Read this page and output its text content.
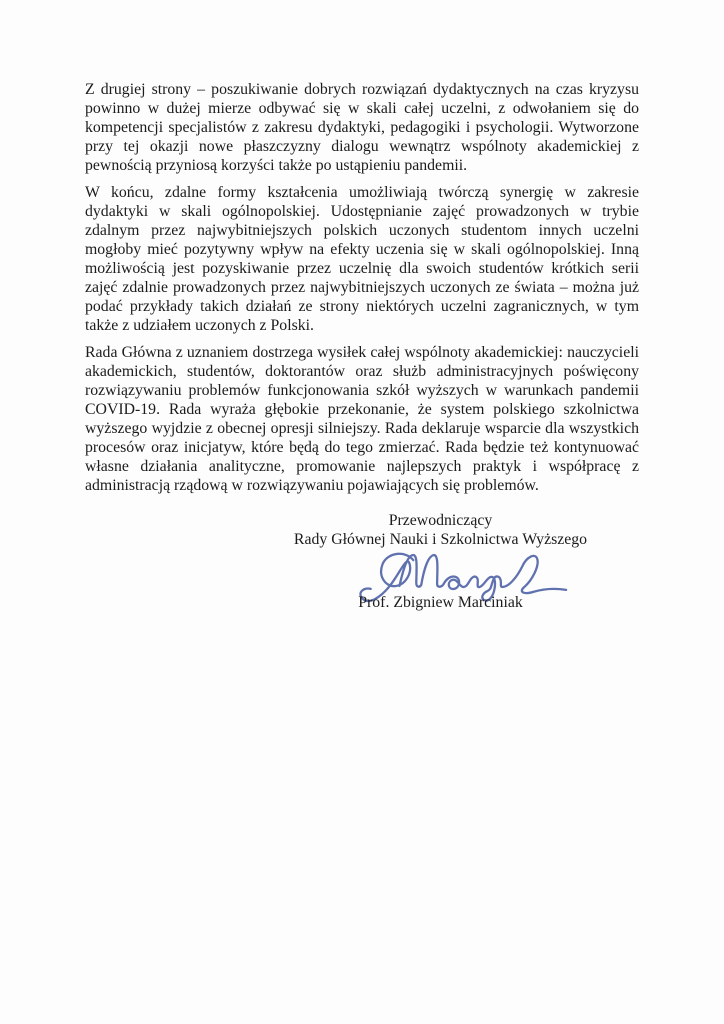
Z drugiej strony – poszukiwanie dobrych rozwiązań dydaktycznych na czas kryzysu powinno w dużej mierze odbywać się w skali całej uczelni, z odwołaniem się do kompetencji specjalistów z zakresu dydaktyki, pedagogiki i psychologii. Wytworzone przy tej okazji nowe płaszczyzny dialogu wewnątrz wspólnoty akademickiej z pewnością przyniosą korzyści także po ustąpieniu pandemii.

W końcu, zdalne formy kształcenia umożliwiają twórczą synergię w zakresie dydaktyki w skali ogólnopolskiej. Udostępnianie zajęć prowadzonych w trybie zdalnym przez najwybitniejszych polskich uczonych studentom innych uczelni mogłoby mieć pozytywny wpływ na efekty uczenia się w skali ogólnopolskiej. Inną możliwością jest pozyskiwanie przez uczelnię dla swoich studentów krótkich serii zajęć zdalnie prowadzonych przez najwybitniejszych uczonych ze świata – można już podać przykłady takich działań ze strony niektórych uczelni zagranicznych, w tym także z udziałem uczonych z Polski.

Rada Główna z uznaniem dostrzega wysiłek całej wspólnoty akademickiej: nauczycieli akademickich, studentów, doktorantów oraz służb administracyjnych poświęcony rozwiązywaniu problemów funkcjonowania szkół wyższych w warunkach pandemii COVID-19. Rada wyraża głębokie przekonanie, że system polskiego szkolnictwa wyższego wyjdzie z obecnej opresji silniejszy. Rada deklaruje wsparcie dla wszystkich procesów oraz inicjatyw, które będą do tego zmierzać. Rada będzie też kontynuować własne działania analityczne, promowanie najlepszych praktyk i współpracę z administracją rządową w rozwiązywaniu pojawiających się problemów.

Przewodniczący
Rady Głównej Nauki i Szkolnictwa Wyższego
Prof. Zbigniew Marciniak
